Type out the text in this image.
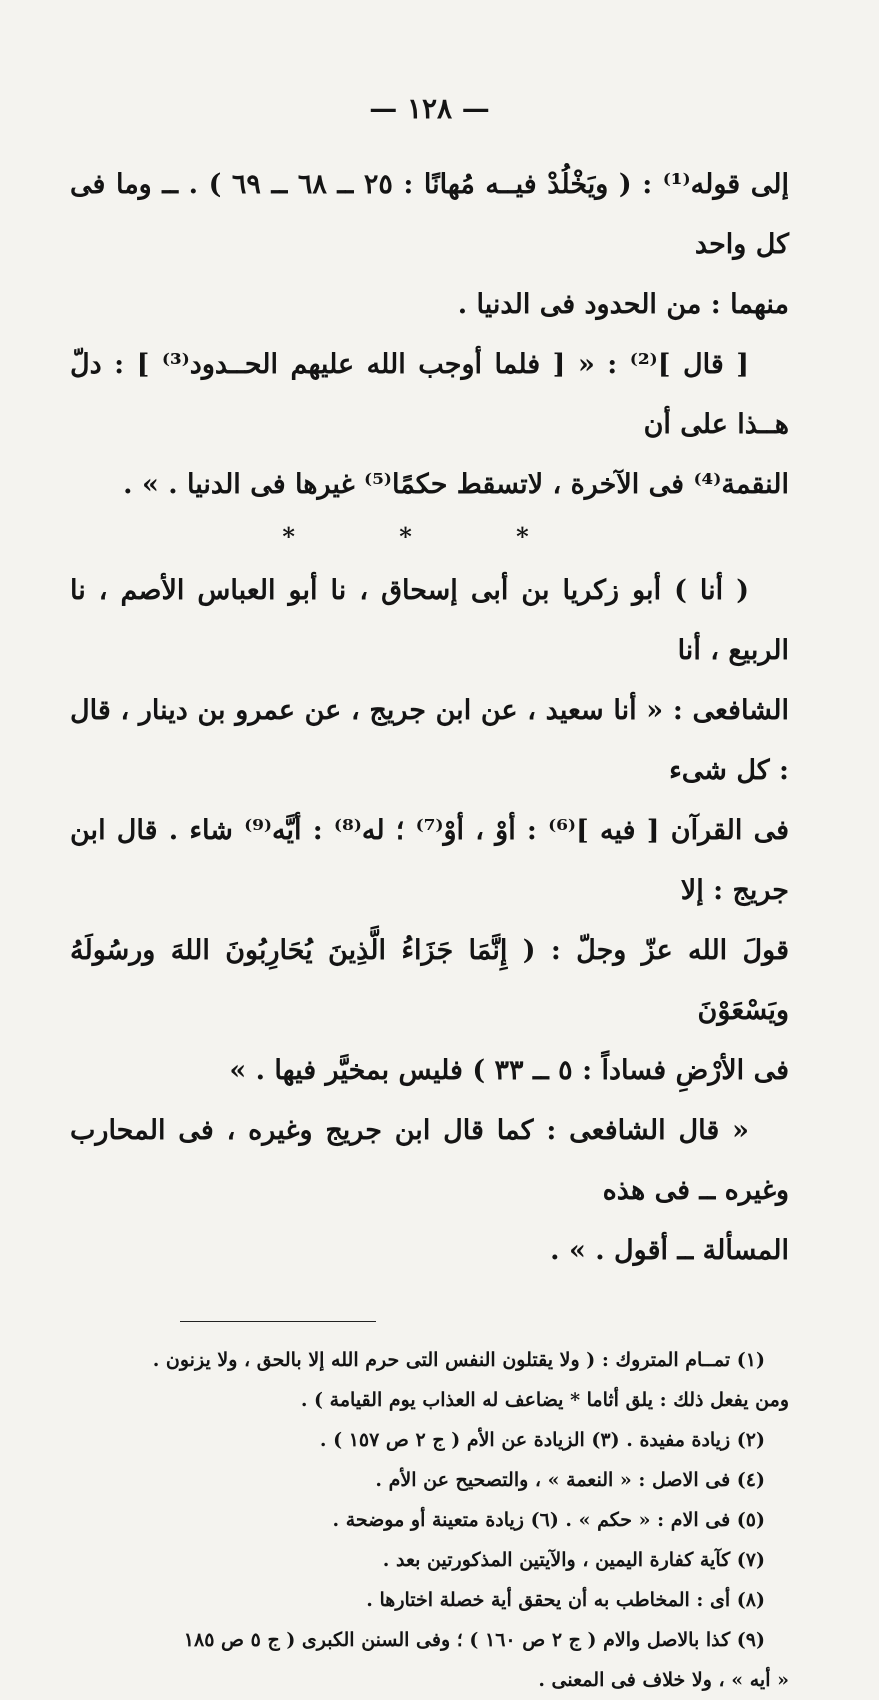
— ١٢٨ —

إلى قوله⁽¹⁾ : ( ويَخْلُدْ فيــه مُهانًا : ٢٥ ــ ٦٨ ــ ٦٩ ) . ــ وما فى كل واحد
منهما : من الحدود فى الدنيا .

[ قال ]⁽²⁾ : « [ فلما أوجب الله عليهم الحــدود⁽³⁾ ] : دلّ هــذا على أن
النقمة⁽⁴⁾ فى الآخرة ، لاتسقط حكمًا⁽⁵⁾ غيرها فى الدنيا . » .

* * *

( أنا ) أبو زكريا بن أبى إسحاق ، نا أبو العباس الأصم ، نا الربيع ، أنا
الشافعى : « أنا سعيد ، عن ابن جريج ، عن عمرو بن دينار ، قال : كل شىء
فى القرآن [ فيه ]⁽⁶⁾ : أوْ ، أوْ⁽⁷⁾ ؛ له⁽⁸⁾ : أيَّه⁽⁹⁾ شاء . قال ابن جريج : إلا
قولَ الله عزّ وجلّ : ( إِنَّمَا جَزَاءُ الَّذِينَ يُحَارِبُونَ اللهَ ورسُولَهُ ويَسْعَوْنَ
فى الأرْضِ فساداً : ٥ ــ ٣٣ ) فليس بمخيَّر فيها . »

« قال الشافعى : كما قال ابن جريج وغيره ، فى المحارب وغيره ــ فى هذه
المسألة ــ أقول . » .

(١) تمــام المتروك : ( ولا يقتلون النفس التى حرم الله إلا بالحق ، ولا يزنون .

ومن يفعل ذلك : يلق أثاما * يضاعف له العذاب يوم القيامة ) .

(٢) زيادة مفيدة . (٣) الزيادة عن الأم ( ج ٢ ص ١٥٧ ) .

(٤) فى الاصل : « النعمة » ، والتصحيح عن الأم .

(٥) فى الام : « حكم » . (٦) زيادة متعينة أو موضحة .

(٧) كآية كفارة اليمين ، والآيتين المذكورتين بعد .

(٨) أى : المخاطب به أن يحقق أية خصلة اختارها .

(٩) كذا بالاصل والام ( ج ٢ ص ١٦٠ ) ؛ وفى السنن الكبرى ( ج ٥ ص ١٨٥

« أيه » ، ولا خلاف فى المعنى .
